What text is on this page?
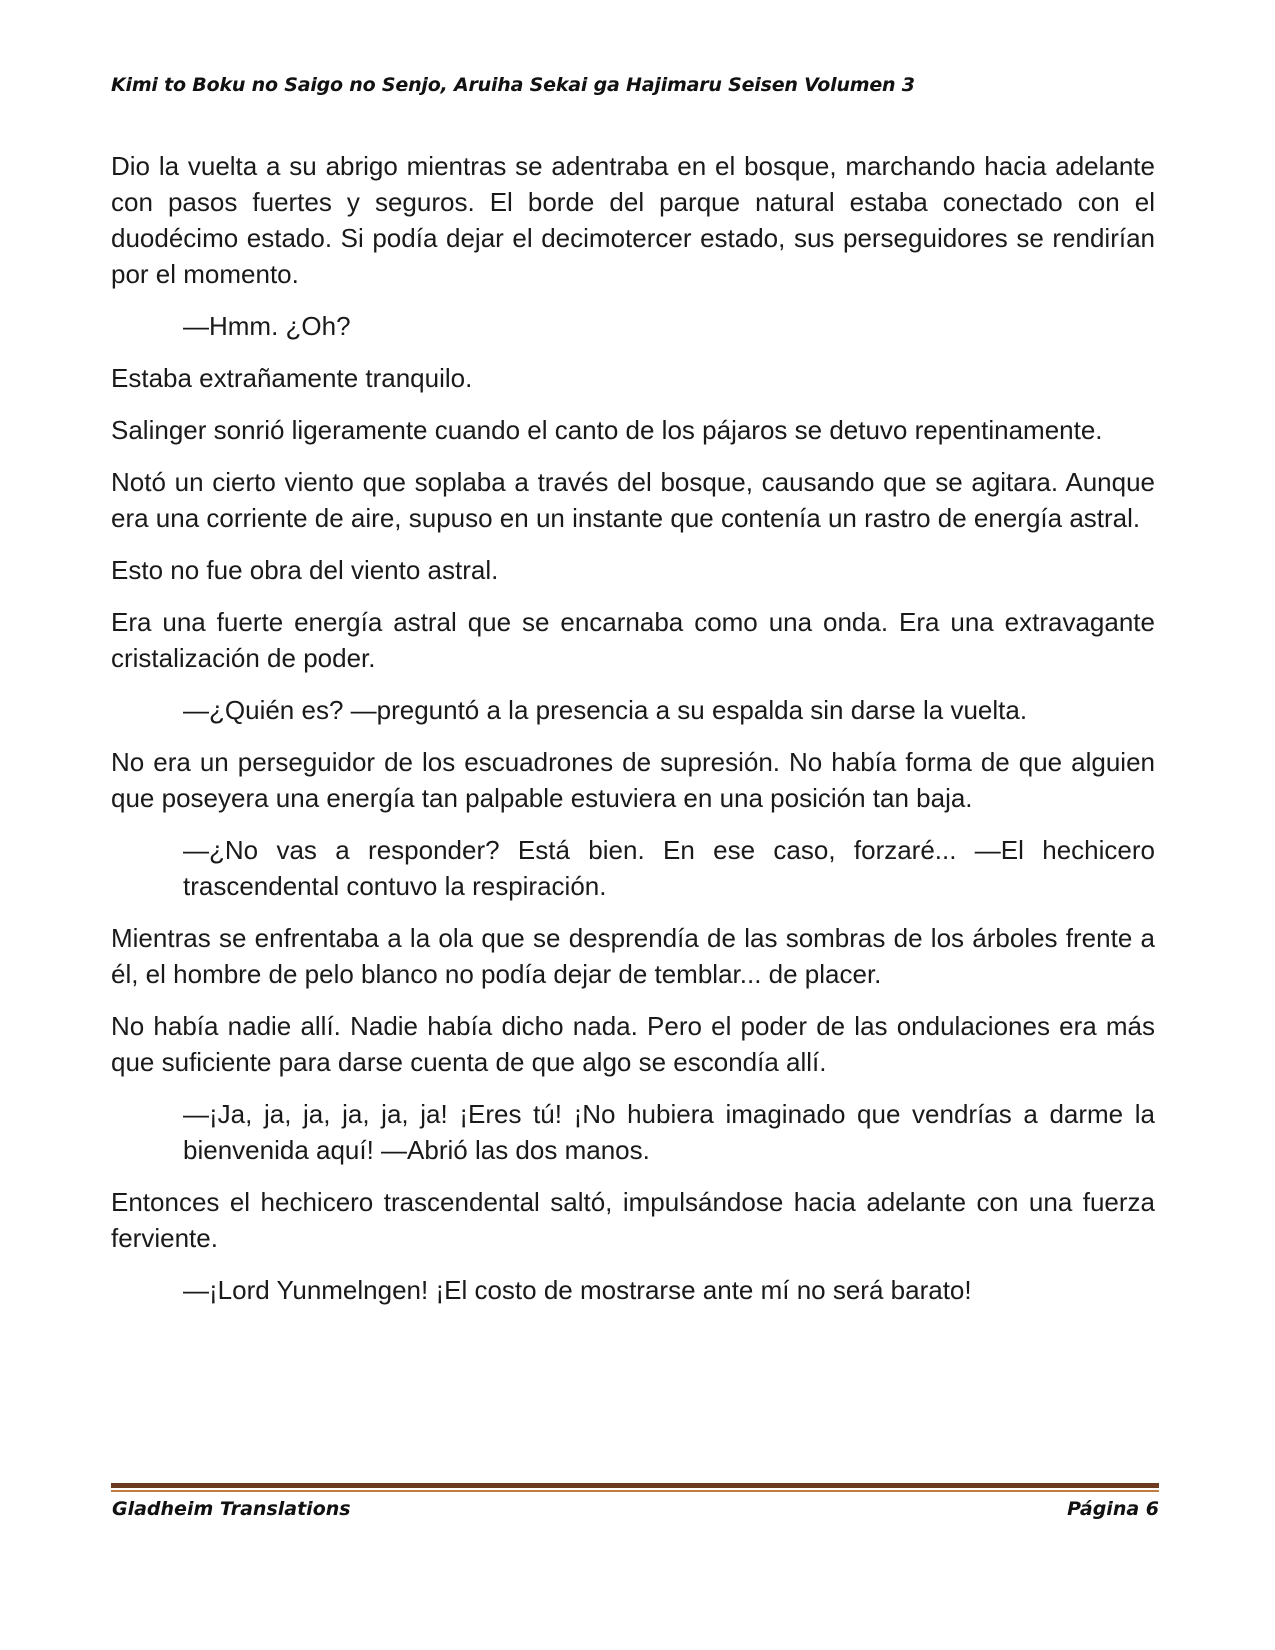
Kimi to Boku no Saigo no Senjo, Aruiha Sekai ga Hajimaru Seisen Volumen 3

Dio la vuelta a su abrigo mientras se adentraba en el bosque, marchando hacia adelante con pasos fuertes y seguros. El borde del parque natural estaba conectado con el duodécimo estado. Si podía dejar el decimotercer estado, sus perseguidores se rendirían por el momento.

—Hmm. ¿Oh?

Estaba extrañamente tranquilo.

Salinger sonrió ligeramente cuando el canto de los pájaros se detuvo repentinamente.

Notó un cierto viento que soplaba a través del bosque, causando que se agitara. Aunque era una corriente de aire, supuso en un instante que contenía un rastro de energía astral.

Esto no fue obra del viento astral.

Era una fuerte energía astral que se encarnaba como una onda. Era una extravagante cristalización de poder.

—¿Quién es? —preguntó a la presencia a su espalda sin darse la vuelta.

No era un perseguidor de los escuadrones de supresión. No había forma de que alguien que poseyera una energía tan palpable estuviera en una posición tan baja.

—¿No vas a responder? Está bien. En ese caso, forzaré... —El hechicero trascendental contuvo la respiración.

Mientras se enfrentaba a la ola que se desprendía de las sombras de los árboles frente a él, el hombre de pelo blanco no podía dejar de temblar... de placer.

No había nadie allí. Nadie había dicho nada. Pero el poder de las ondulaciones era más que suficiente para darse cuenta de que algo se escondía allí.

—¡Ja, ja, ja, ja, ja, ja! ¡Eres tú! ¡No hubiera imaginado que vendrías a darme la bienvenida aquí! —Abrió las dos manos.

Entonces el hechicero trascendental saltó, impulsándose hacia adelante con una fuerza ferviente.

—¡Lord Yunmelngen! ¡El costo de mostrarse ante mí no será barato!

Gladheim Translations	Página 6
